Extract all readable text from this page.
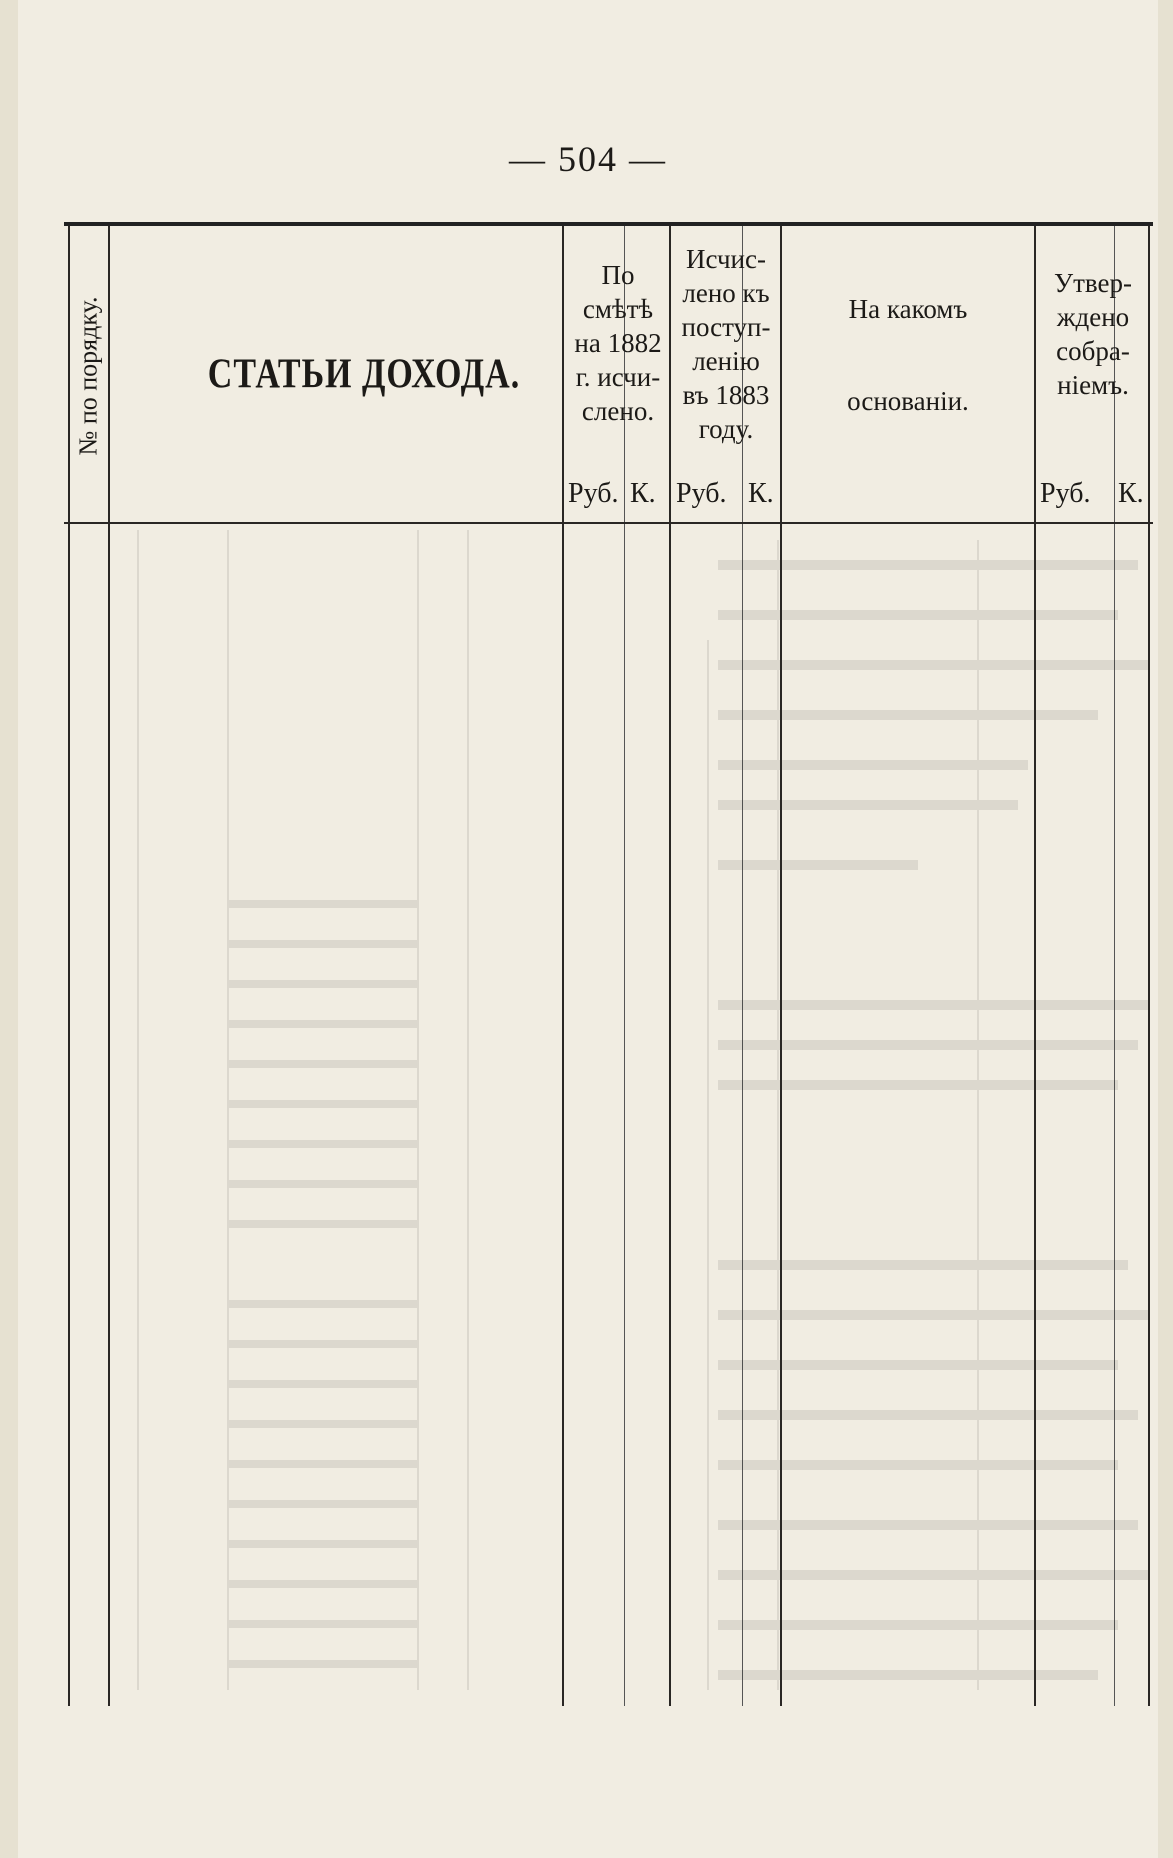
— 504 —
№ по порядку.	СТАТЬИ ДОХОДА.
По
смѣтѣ
на 1882
г. исчи-
слено.
Исчис-
лено къ
поступ-
ленію
въ 1883
году.
На какомъ
основаніи.
Утвер-
ждено
собра-
ніемъ.
Руб. К. Руб. К.	Руб. К.
